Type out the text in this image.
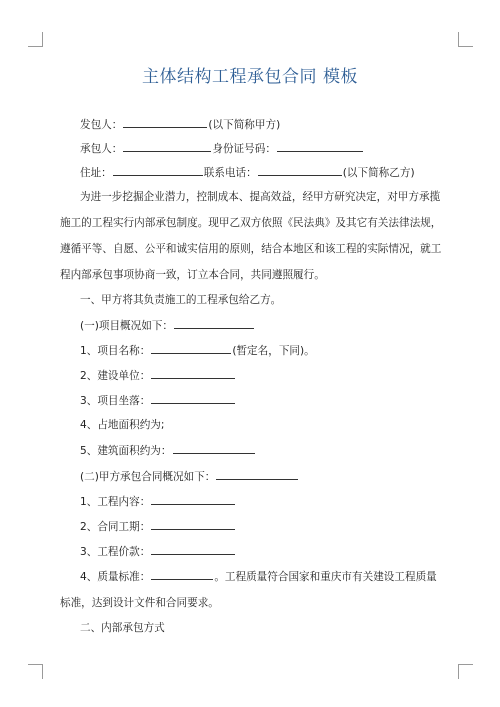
主体结构工程承包合同 模板
发包人：	(以下简称甲方)
承包人：	身份证号码：
住址：	联系电话：	(以下简称乙方)
为进一步挖掘企业潜力，控制成本、提高效益，经甲方研究决定，对甲方承揽施工的工程实行内部承包制度。现甲乙双方依照《民法典》及其它有关法律法规，遵循平等、自愿、公平和诚实信用的原则，结合本地区和该工程的实际情况，就工程内部承包事项协商一致，订立本合同，共同遵照履行。
一、甲方将其负责施工的工程承包给乙方。
(一)项目概况如下：
1、项目名称：	(暂定名，下同)。
2、建设单位：
3、项目坐落：
4、占地面积约为;
5、建筑面积约为：
(二)甲方承包合同概况如下：
1、工程内容：
2、合同工期：
3、工程价款：
4、质量标准：	。工程质量符合国家和重庆市有关建设工程质量标准，达到设计文件和合同要求。
二、内部承包方式
